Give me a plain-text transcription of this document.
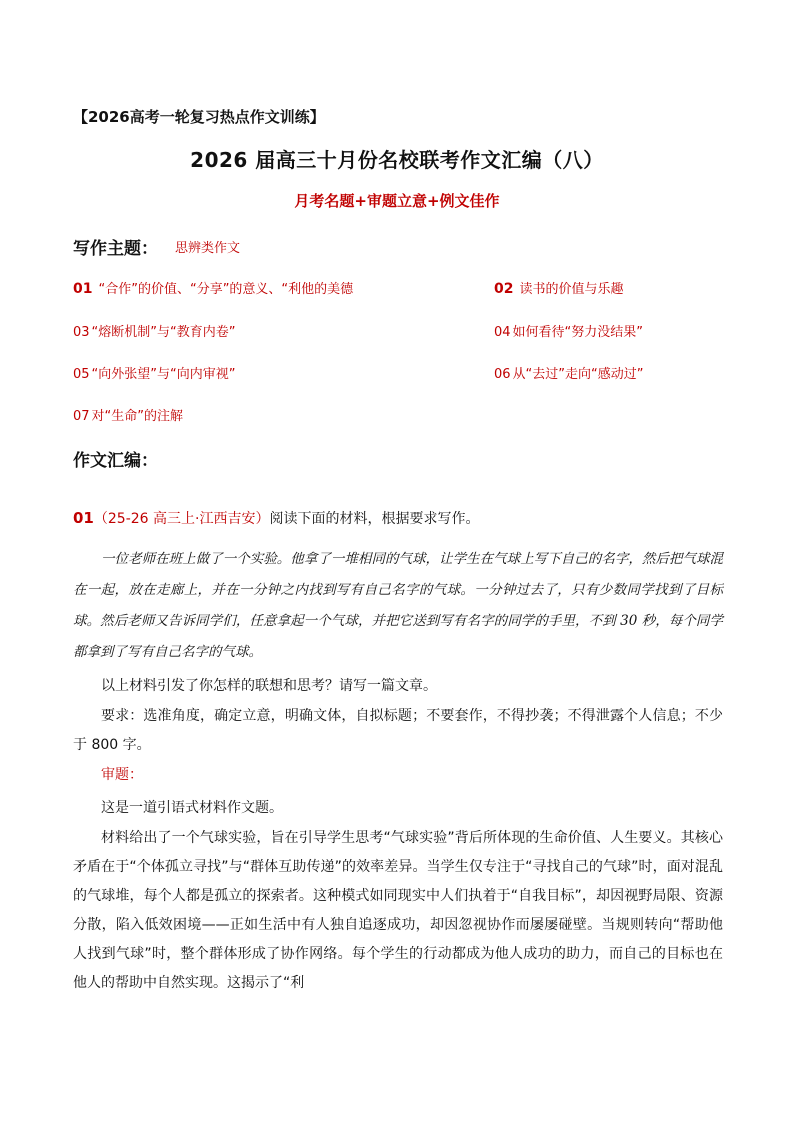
【2026高考一轮复习热点作文训练】
2026 届高三十月份名校联考作文汇编（八）
月考名题+审题立意+例文佳作
写作主题： 思辨类作文
01 “合作”的价值、“分享”的意义、“利他的美德	02 读书的价值与乐趣
03 “熔断机制”与“教育内卷”	04 如何看待“努力没结果”
05 “向外张望”与“向内审视”	06 从“去过”走向“感动过”
07 对“生命”的注解
作文汇编：
01（25-26 高三上·江西吉安）阅读下面的材料，根据要求写作。

一位老师在班上做了一个实验。他拿了一堆相同的气球，让学生在气球上写下自己的名字，然后把气球混在一起，放在走廊上，并在一分钟之内找到写有自己名字的气球。一分钟过去了，只有少数同学找到了目标球。然后老师又告诉同学们，任意拿起一个气球，并把它送到写有名字的同学的手里，不到 30 秒，每个同学都拿到了写有自己名字的气球。

以上材料引发了你怎样的联想和思考？请写一篇文章。

要求：选准角度，确定立意，明确文体，自拟标题；不要套作，不得抄袭；不得泄露个人信息；不少于 800 字。

审题：

这是一道引语式材料作文题。

材料给出了一个气球实验，旨在引导学生思考“气球实验”背后所体现的生命价值、人生要义。其核心矛盾在于“个体孤立寻找”与“群体互助传递”的效率差异。当学生仅专注于“寻找自己的气球”时，面对混乱的气球堆，每个人都是孤立的探索者。这种模式如同现实中人们执着于“自我目标”，却因视野局限、资源分散，陷入低效困境——正如生活中有人独自追逐成功，却因忽视协作而屡屡碰壁。当规则转向“帮助他人找到气球”时，整个群体形成了协作网络。每个学生的行动都成为他人成功的助力，而自己的目标也在他人的帮助中自然实现。这揭示了“利
